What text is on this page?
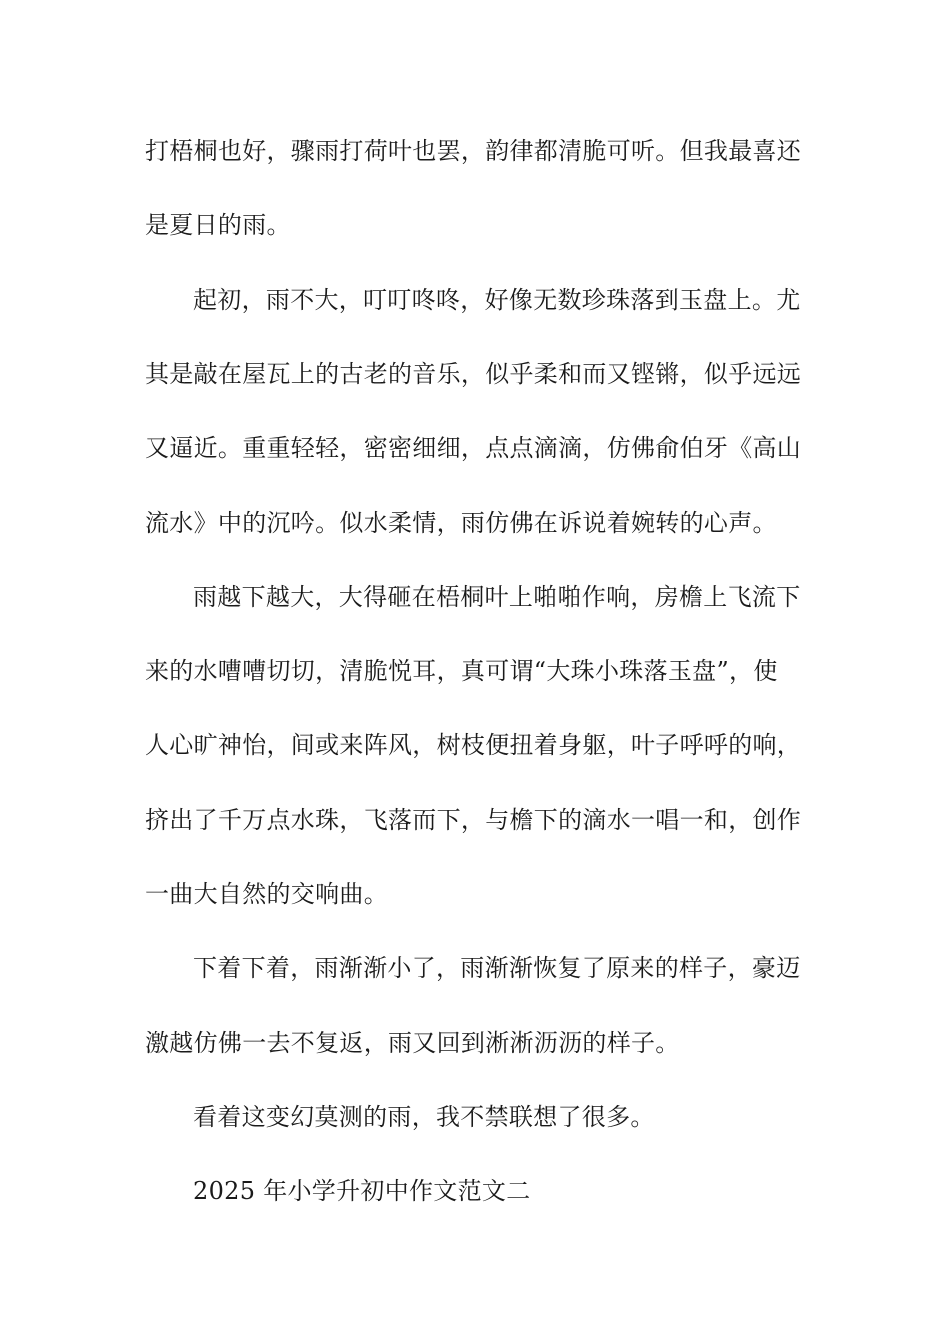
打梧桐也好，骤雨打荷叶也罢，韵律都清脆可听。但我最喜还
是夏日的雨。
起初，雨不大，叮叮咚咚，好像无数珍珠落到玉盘上。尤
其是敲在屋瓦上的古老的音乐，似乎柔和而又铿锵，似乎远远
又逼近。重重轻轻，密密细细，点点滴滴，仿佛俞伯牙《高山
流水》中的沉吟。似水柔情，雨仿佛在诉说着婉转的心声。
雨越下越大，大得砸在梧桐叶上啪啪作响，房檐上飞流下
来的水嘈嘈切切，清脆悦耳，真可谓“大珠小珠落玉盘”，使
人心旷神怡，间或来阵风，树枝便扭着身躯，叶子呼呼的响，
挤出了千万点水珠，飞落而下，与檐下的滴水一唱一和，创作
一曲大自然的交响曲。
下着下着，雨渐渐小了，雨渐渐恢复了原来的样子，豪迈
激越仿佛一去不复返，雨又回到淅淅沥沥的样子。
看着这变幻莫测的雨，我不禁联想了很多。
2025 年小学升初中作文范文二
